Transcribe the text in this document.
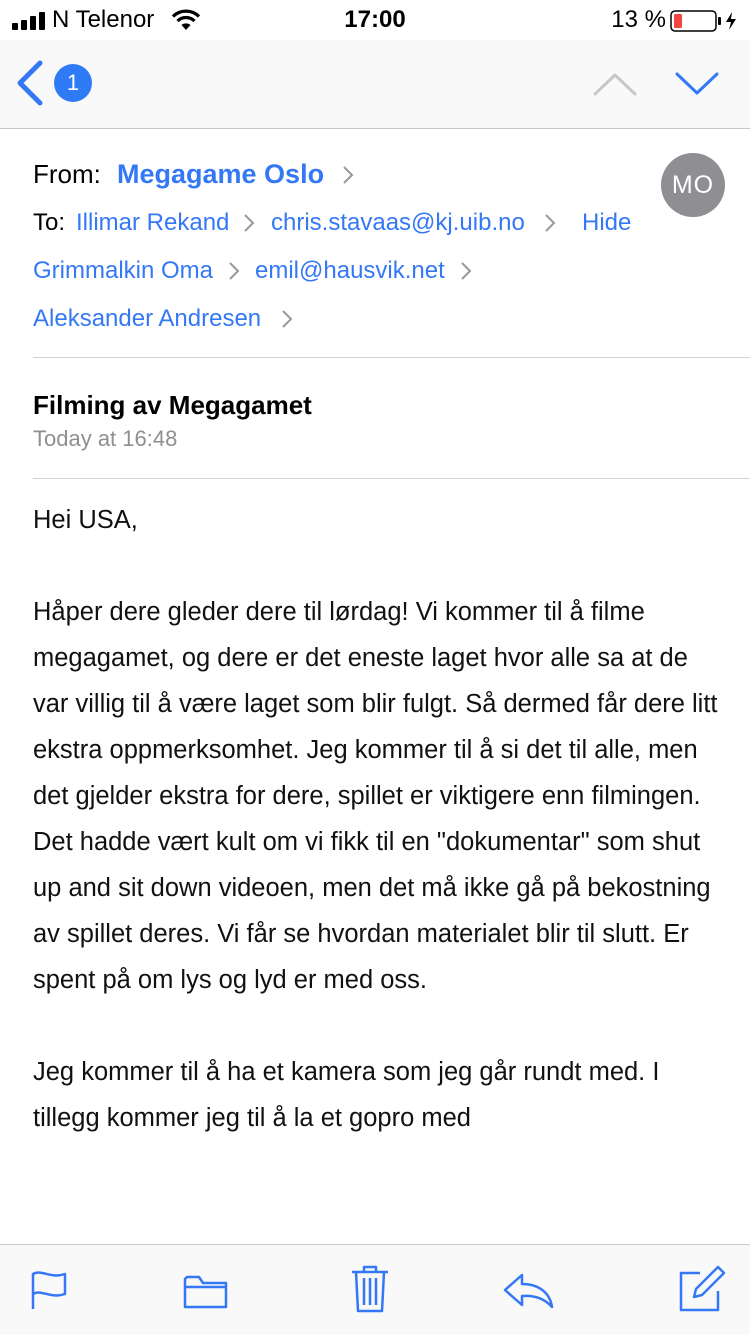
N Telenor	17:00	13 %
1
From: Megagame Oslo	MO
To: Illimar Rekand chris.stavaas@kj.uib.no Hide
Grimmalkin Oma emil@hausvik.net
Aleksander Andresen
Filming av Megagamet
Today at 16:48

Hei USA,

Håper dere gleder dere til lørdag! Vi kommer til å filme megagamet, og dere er det eneste laget hvor alle sa at de var villig til å være laget som blir fulgt. Så dermed får dere litt ekstra oppmerksomhet. Jeg kommer til å si det til alle, men det gjelder ekstra for dere, spillet er viktigere enn filmingen. Det hadde vært kult om vi fikk til en "dokumentar" som shut up and sit down videoen, men det må ikke gå på bekostning av spillet deres. Vi får se hvordan materialet blir til slutt. Er spent på om lys og lyd er med oss.

Jeg kommer til å ha et kamera som jeg går rundt med. I tillegg kommer jeg til å la et gopro med
